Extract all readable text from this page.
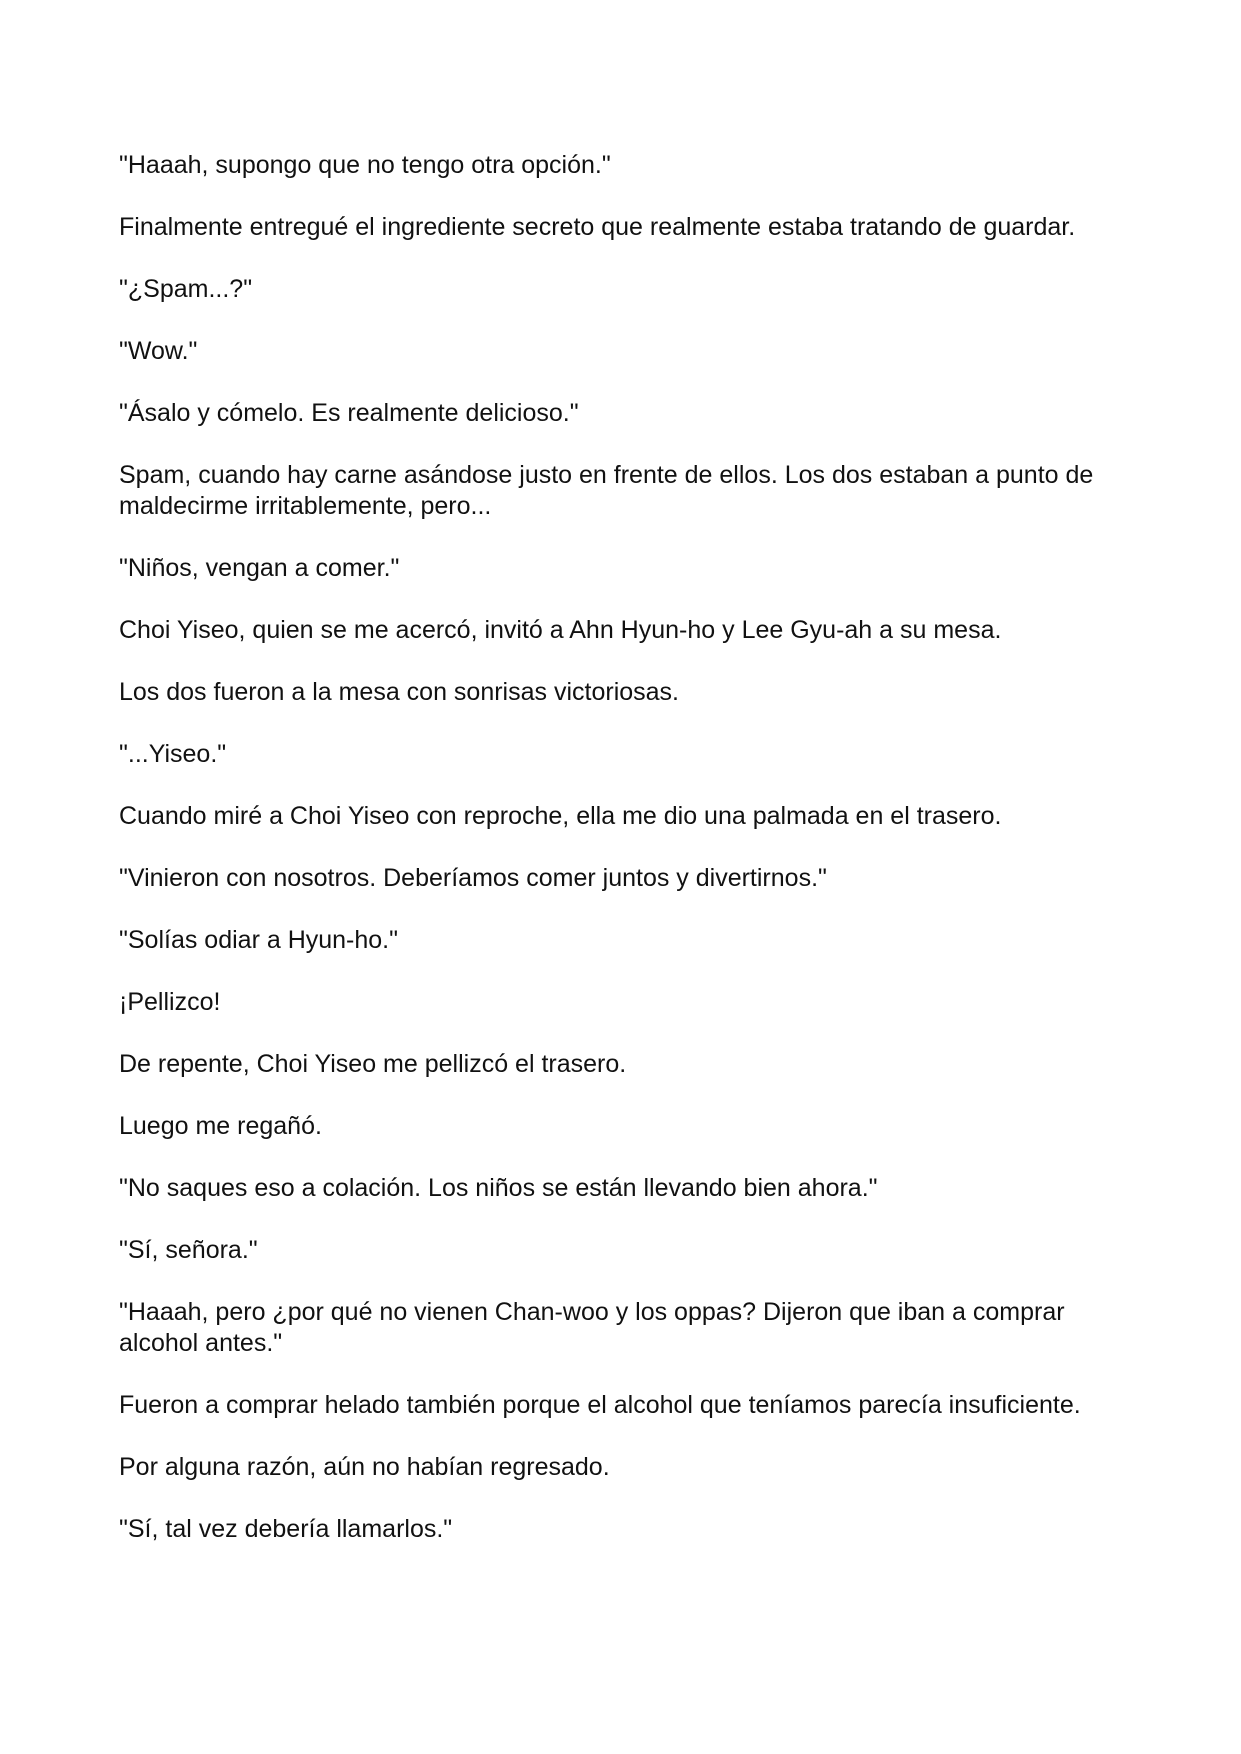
"Haaah, supongo que no tengo otra opción."

Finalmente entregué el ingrediente secreto que realmente estaba tratando de guardar.

"¿Spam...?"

"Wow."

"Ásalo y cómelo. Es realmente delicioso."

Spam, cuando hay carne asándose justo en frente de ellos. Los dos estaban a punto de maldecirme irritablemente, pero...

"Niños, vengan a comer."

Choi Yiseo, quien se me acercó, invitó a Ahn Hyun-ho y Lee Gyu-ah a su mesa.

Los dos fueron a la mesa con sonrisas victoriosas.

"...Yiseo."

Cuando miré a Choi Yiseo con reproche, ella me dio una palmada en el trasero.

"Vinieron con nosotros. Deberíamos comer juntos y divertirnos."

"Solías odiar a Hyun-ho."

¡Pellizco!

De repente, Choi Yiseo me pellizcó el trasero.

Luego me regañó.

"No saques eso a colación. Los niños se están llevando bien ahora."

"Sí, señora."

"Haaah, pero ¿por qué no vienen Chan-woo y los oppas? Dijeron que iban a comprar alcohol antes."

Fueron a comprar helado también porque el alcohol que teníamos parecía insuficiente.

Por alguna razón, aún no habían regresado.

"Sí, tal vez debería llamarlos."
